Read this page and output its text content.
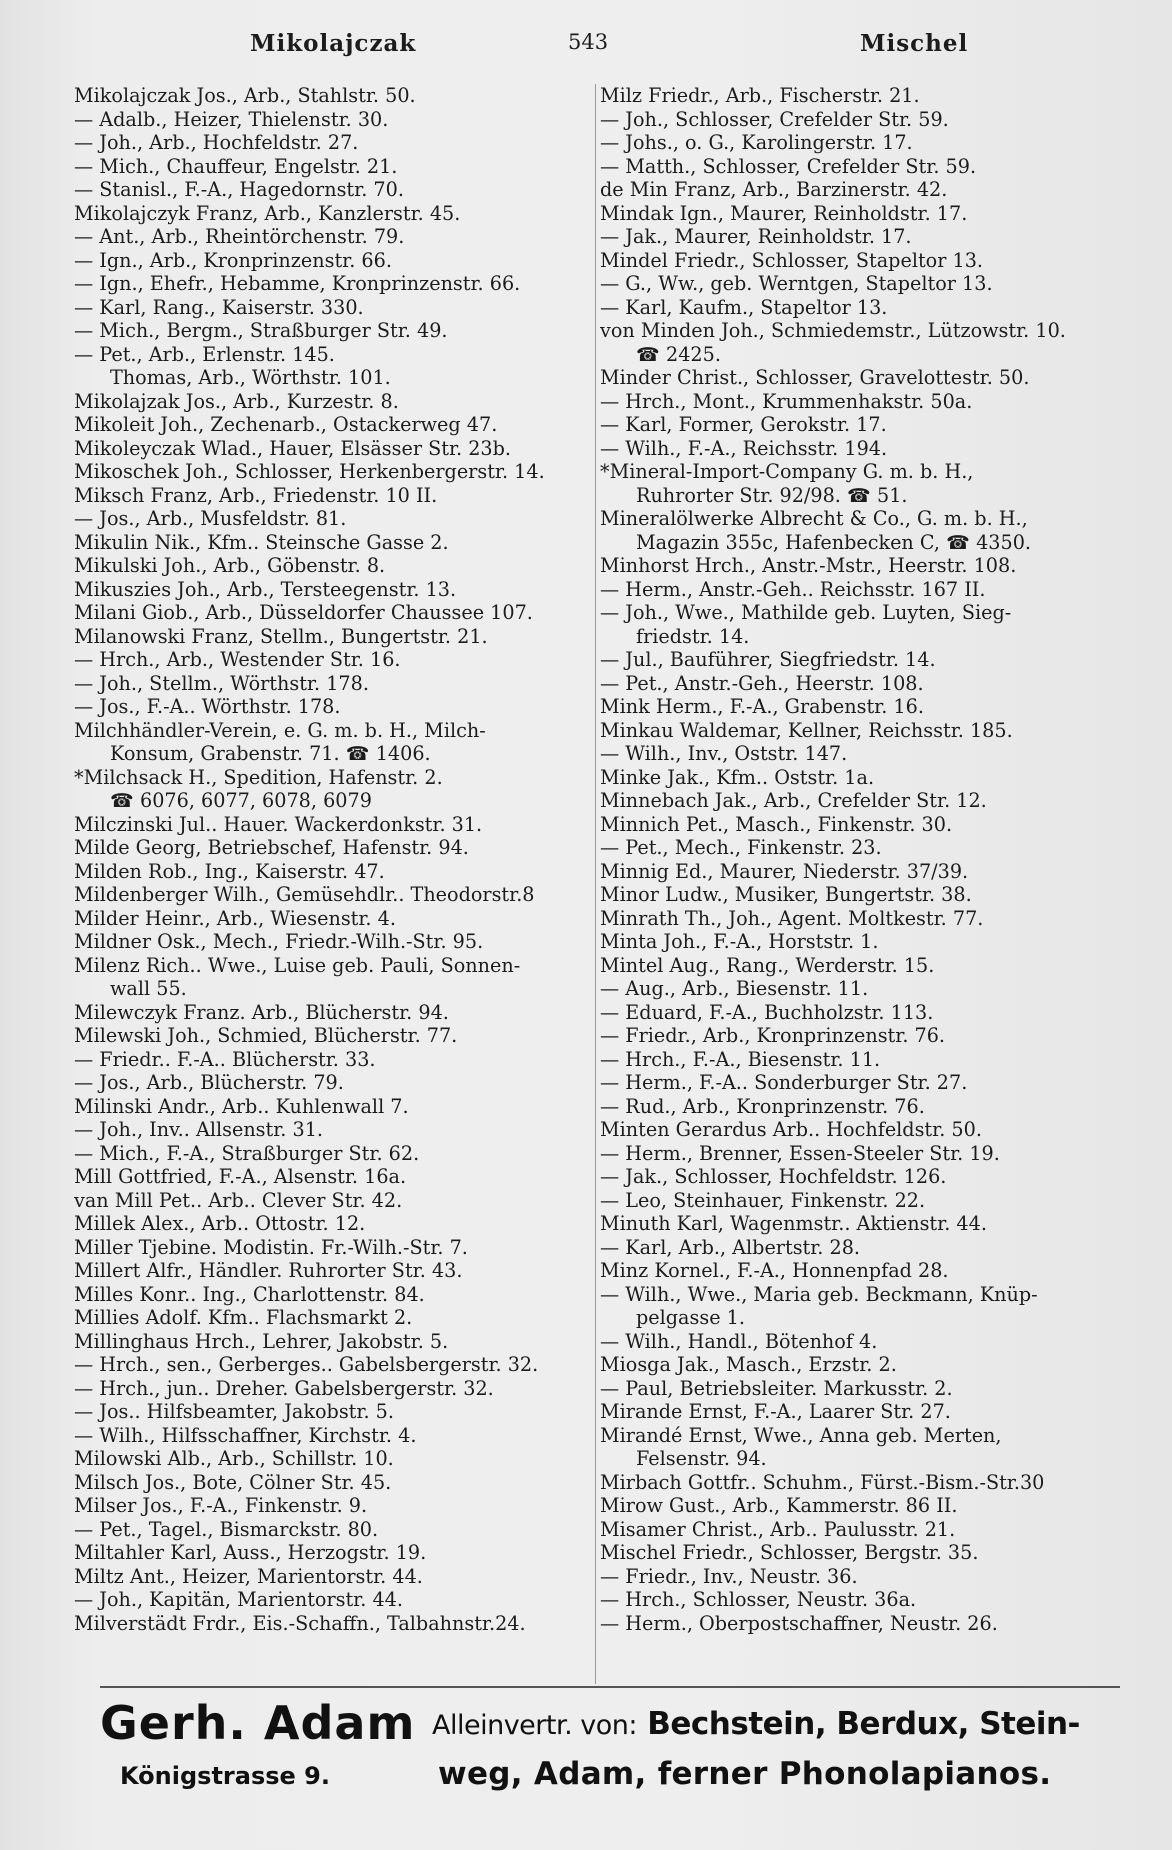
Mikolajczak	543	Mischel
Mikolajczak Jos., Arb., Stahlstr. 50.
— Adalb., Heizer, Thielenstr. 30.
— Joh., Arb., Hochfeldstr. 27.
— Mich., Chauffeur, Engelstr. 21.
— Stanisl., F.-A., Hagedornstr. 70.
Mikolajczyk Franz, Arb., Kanzlerstr. 45.
— Ant., Arb., Rheintörchenstr. 79.
— Ign., Arb., Kronprinzenstr. 66.
— Ign., Ehefr., Hebamme, Kronprinzenstr. 66.
— Karl, Rang., Kaiserstr. 330.
— Mich., Bergm., Straßburger Str. 49.
— Pet., Arb., Erlenstr. 145.
Thomas, Arb., Wörthstr. 101.
Mikolajzak Jos., Arb., Kurzestr. 8.
Mikoleit Joh., Zechenarb., Ostackerweg 47.
Mikoleyczak Wlad., Hauer, Elsässer Str. 23b.
Mikoschek Joh., Schlosser, Herkenbergerstr. 14.
Miksch Franz, Arb., Friedenstr. 10 II.
— Jos., Arb., Musfeldstr. 81.
Mikulin Nik., Kfm.. Steinsche Gasse 2.
Mikulski Joh., Arb., Göbenstr. 8.
Mikuszies Joh., Arb., Tersteegenstr. 13.
Milani Giob., Arb., Düsseldorfer Chaussee 107.
Milanowski Franz, Stellm., Bungertstr. 21.
— Hrch., Arb., Westender Str. 16.
— Joh., Stellm., Wörthstr. 178.
— Jos., F.-A.. Wörthstr. 178.
Milchhändler-Verein, e. G. m. b. H., Milch-
Konsum, Grabenstr. 71. ☎ 1406.
*Milchsack H., Spedition, Hafenstr. 2.
☎ 6076, 6077, 6078, 6079
Milczinski Jul.. Hauer. Wackerdonkstr. 31.
Milde Georg, Betriebschef, Hafenstr. 94.
Milden Rob., Ing., Kaiserstr. 47.
Mildenberger Wilh., Gemüsehdlr.. Theodorstr.8
Milder Heinr., Arb., Wiesenstr. 4.
Mildner Osk., Mech., Friedr.-Wilh.-Str. 95.
Milenz Rich.. Wwe., Luise geb. Pauli, Sonnen-
wall 55.
Milewczyk Franz. Arb., Blücherstr. 94.
Milewski Joh., Schmied, Blücherstr. 77.
— Friedr.. F.-A.. Blücherstr. 33.
— Jos., Arb., Blücherstr. 79.
Milinski Andr., Arb.. Kuhlenwall 7.
— Joh., Inv.. Allsenstr. 31.
— Mich., F.-A., Straßburger Str. 62.
Mill Gottfried, F.-A., Alsenstr. 16a.
van Mill Pet.. Arb.. Clever Str. 42.
Millek Alex., Arb.. Ottostr. 12.
Miller Tjebine. Modistin. Fr.-Wilh.-Str. 7.
Millert Alfr., Händler. Ruhrorter Str. 43.
Milles Konr.. Ing., Charlottenstr. 84.
Millies Adolf. Kfm.. Flachsmarkt 2.
Millinghaus Hrch., Lehrer, Jakobstr. 5.
— Hrch., sen., Gerberges.. Gabelsbergerstr. 32.
— Hrch., jun.. Dreher. Gabelsbergerstr. 32.
— Jos.. Hilfsbeamter, Jakobstr. 5.
— Wilh., Hilfsschaffner, Kirchstr. 4.
Milowski Alb., Arb., Schillstr. 10.
Milsch Jos., Bote, Cölner Str. 45.
Milser Jos., F.-A., Finkenstr. 9.
— Pet., Tagel., Bismarckstr. 80.
Miltahler Karl, Auss., Herzogstr. 19.
Miltz Ant., Heizer, Marientorstr. 44.
— Joh., Kapitän, Marientorstr. 44.
Milverstädt Frdr., Eis.-Schaffn., Talbahnstr.24.
Milz Friedr., Arb., Fischerstr. 21.
— Joh., Schlosser, Crefelder Str. 59.
— Johs., o. G., Karolingerstr. 17.
— Matth., Schlosser, Crefelder Str. 59.
de Min Franz, Arb., Barzinerstr. 42.
Mindak Ign., Maurer, Reinholdstr. 17.
— Jak., Maurer, Reinholdstr. 17.
Mindel Friedr., Schlosser, Stapeltor 13.
— G., Ww., geb. Werntgen, Stapeltor 13.
— Karl, Kaufm., Stapeltor 13.
von Minden Joh., Schmiedemstr., Lützowstr. 10.
☎ 2425.
Minder Christ., Schlosser, Gravelottestr. 50.
— Hrch., Mont., Krummenhakstr. 50a.
— Karl, Former, Gerokstr. 17.
— Wilh., F.-A., Reichsstr. 194.
*Mineral-Import-Company G. m. b. H.,
Ruhrorter Str. 92/98. ☎ 51.
Mineralölwerke Albrecht & Co., G. m. b. H.,
Magazin 355c, Hafenbecken C, ☎ 4350.
Minhorst Hrch., Anstr.-Mstr., Heerstr. 108.
— Herm., Anstr.-Geh.. Reichsstr. 167 II.
— Joh., Wwe., Mathilde geb. Luyten, Sieg-
friedstr. 14.
— Jul., Bauführer, Siegfriedstr. 14.
— Pet., Anstr.-Geh., Heerstr. 108.
Mink Herm., F.-A., Grabenstr. 16.
Minkau Waldemar, Kellner, Reichsstr. 185.
— Wilh., Inv., Oststr. 147.
Minke Jak., Kfm.. Oststr. 1a.
Minnebach Jak., Arb., Crefelder Str. 12.
Minnich Pet., Masch., Finkenstr. 30.
— Pet., Mech., Finkenstr. 23.
Minnig Ed., Maurer, Niederstr. 37/39.
Minor Ludw., Musiker, Bungertstr. 38.
Minrath Th., Joh., Agent. Moltkestr. 77.
Minta Joh., F.-A., Horststr. 1.
Mintel Aug., Rang., Werderstr. 15.
— Aug., Arb., Biesenstr. 11.
— Eduard, F.-A., Buchholzstr. 113.
— Friedr., Arb., Kronprinzenstr. 76.
— Hrch., F.-A., Biesenstr. 11.
— Herm., F.-A.. Sonderburger Str. 27.
— Rud., Arb., Kronprinzenstr. 76.
Minten Gerardus Arb.. Hochfeldstr. 50.
— Herm., Brenner, Essen-Steeler Str. 19.
— Jak., Schlosser, Hochfeldstr. 126.
— Leo, Steinhauer, Finkenstr. 22.
Minuth Karl, Wagenmstr.. Aktienstr. 44.
— Karl, Arb., Albertstr. 28.
Minz Kornel., F.-A., Honnenpfad 28.
— Wilh., Wwe., Maria geb. Beckmann, Knüp-
pelgasse 1.
— Wilh., Handl., Bötenhof 4.
Miosga Jak., Masch., Erzstr. 2.
— Paul, Betriebsleiter. Markusstr. 2.
Mirande Ernst, F.-A., Laarer Str. 27.
Mirandé Ernst, Wwe., Anna geb. Merten,
Felsenstr. 94.
Mirbach Gottfr.. Schuhm., Fürst.-Bism.-Str.30
Mirow Gust., Arb., Kammerstr. 86 II.
Misamer Christ., Arb.. Paulusstr. 21.
Mischel Friedr., Schlosser, Bergstr. 35.
— Friedr., Inv., Neustr. 36.
— Hrch., Schlosser, Neustr. 36a.
— Herm., Oberpostschaffner, Neustr. 26.
Gerh. Adam
Königstrasse 9.
Alleinvertr. von: Bechstein, Berdux, Stein-
weg, Adam, ferner Phonolapianos.
